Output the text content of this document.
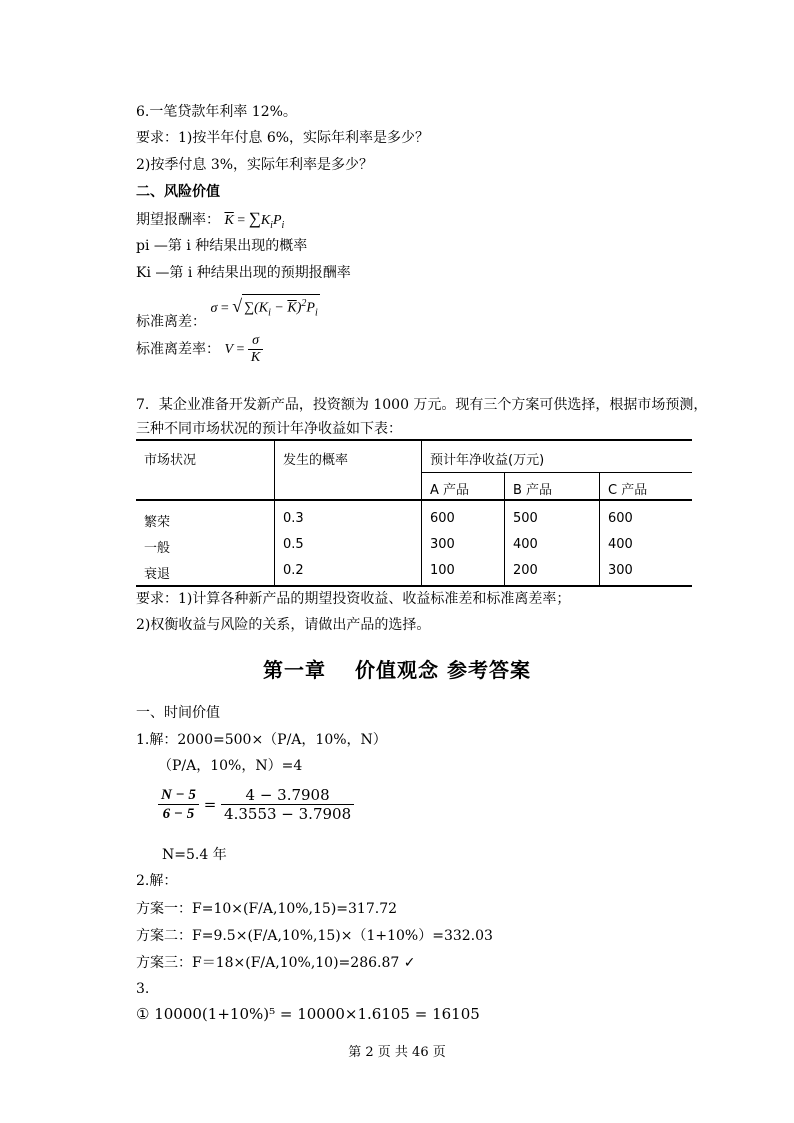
6.一笔贷款年利率 12%。
要求：1)按半年付息 6%，实际年利率是多少？
2)按季付息 3%，实际年利率是多少？
二、风险价值
期望报酬率： $\overline{K} = \sum K_iP_i$
pi —第 i 种结果出现的概率
Ki —第 i 种结果出现的预期报酬率
标准离差： σ = √ $\sum(K_i - \overline{K})^2P_i$
标准离差率： $V = \frac{\sigma}{K}$
7．某企业准备开发新产品，投资额为 1000 万元。现有三个方案可供选择，根据市场预测，
三种不同市场状况的预计年净收益如下表：
市场状况	发生的概率	预计年净收益(万元)		
		A 产品	B 产品	C 产品

繁荣	0.3	600	500	600
一般	0.5	300	400	400
衰退	0.2	100	200	300
要求：1)计算各种新产品的期望投资收益、收益标准差和标准离差率；
2)权衡收益与风险的关系，请做出产品的选择。
第一章　 价值观念 参考答案
一、时间价值
1.解：2000=500×（P/A，10%，N）
（P/A，10%，N）=4
$\frac{N - 5}{6 - 5} = \frac{4 - 3.7908}{4.3553 - 3.7908}$
N=5.4 年
2.解：
方案一：F=10×(F/A,10%,15)=317.72
方案二：F=9.5×(F/A,10%,15)×（1+10%）=332.03
方案三：F＝18×(F/A,10%,10)=286.87 ✓
3.
① 10000(1+10%)⁵ = 10000×1.6105 = 16105
第 2 页 共 46 页
